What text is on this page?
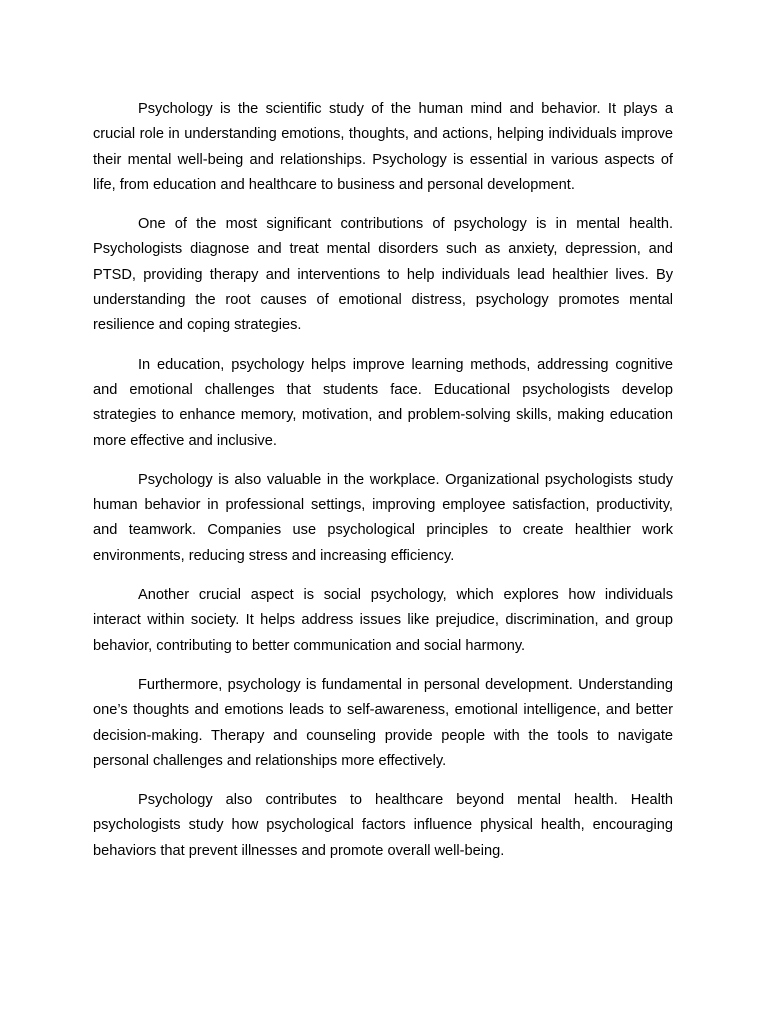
Psychology is the scientific study of the human mind and behavior. It plays a crucial role in understanding emotions, thoughts, and actions, helping individuals improve their mental well-being and relationships. Psychology is essential in various aspects of life, from education and healthcare to business and personal development.

One of the most significant contributions of psychology is in mental health. Psychologists diagnose and treat mental disorders such as anxiety, depression, and PTSD, providing therapy and interventions to help individuals lead healthier lives. By understanding the root causes of emotional distress, psychology promotes mental resilience and coping strategies.

In education, psychology helps improve learning methods, addressing cognitive and emotional challenges that students face. Educational psychologists develop strategies to enhance memory, motivation, and problem-solving skills, making education more effective and inclusive.

Psychology is also valuable in the workplace. Organizational psychologists study human behavior in professional settings, improving employee satisfaction, productivity, and teamwork. Companies use psychological principles to create healthier work environments, reducing stress and increasing efficiency.

Another crucial aspect is social psychology, which explores how individuals interact within society. It helps address issues like prejudice, discrimination, and group behavior, contributing to better communication and social harmony.

Furthermore, psychology is fundamental in personal development. Understanding one’s thoughts and emotions leads to self-awareness, emotional intelligence, and better decision-making. Therapy and counseling provide people with the tools to navigate personal challenges and relationships more effectively.

Psychology also contributes to healthcare beyond mental health. Health psychologists study how psychological factors influence physical health, encouraging behaviors that prevent illnesses and promote overall well-being.
